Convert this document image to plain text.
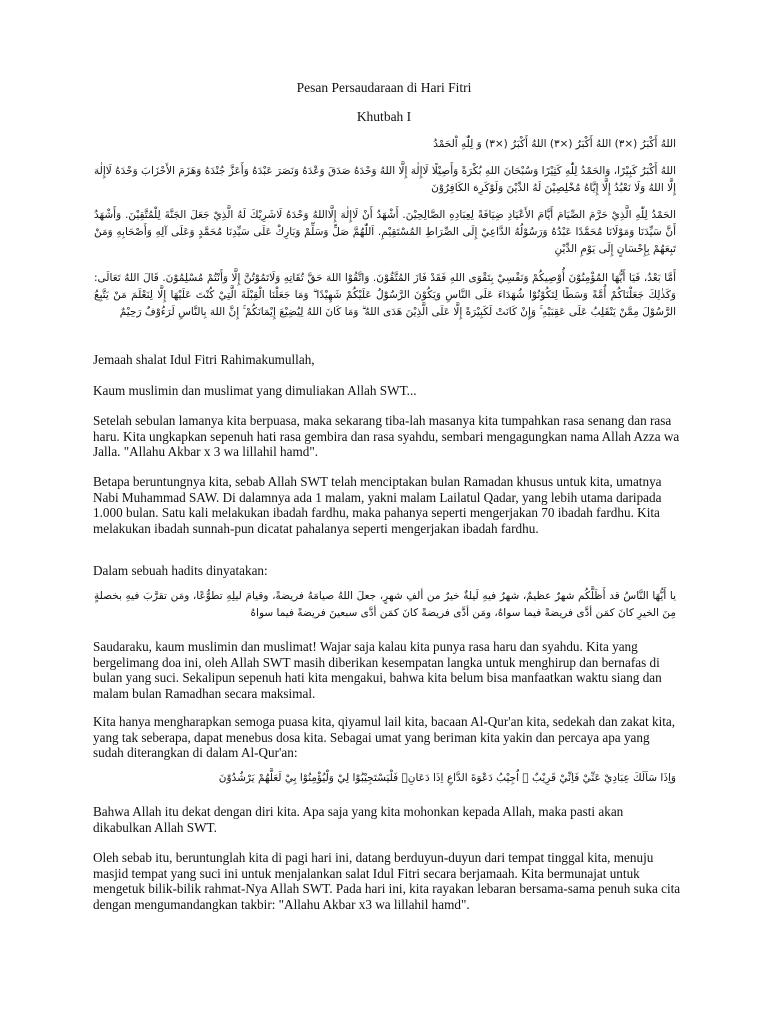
Pesan Persaudaraan di Hari Fitri
Khutbah I

اللهُ أَكْبَرُ (×٣) اللهُ أَكْبَرُ (×٣) اللهُ أَكْبَرُ (×٣) وَ لِلّٰهِ اْلحَمْدُ

اللهُ أَكْبَرُ كَبِيْرًا، وَالحَمْدُ لِلّٰهِ كَثِيْرًا وَسُبْحَانَ اللهِ بُكْرَةً وَأَصِيْلًا لَاإِلٰهَ إِلَّا اللهُ وَحْدَهُ صَدَقَ وَعْدَهُ وَنَصَرَ عَبْدَهُ وَأَعَزَّ جُنْدَهُ وَهَزَمَ الأَحْزَابَ وَحْدَهُ لَاإِلٰهَ إِلَّا اللهُ وَلَا نَعْبُدُ إِلَّا إِيَّاهُ مُخْلِصِيْنَ لَهُ الدِّيْنَ وَلَوْكَرِهَ الكَافِرُوْنَ

الحَمْدُ لِلّٰهِ الَّذِيْ حَرَّمَ الصِّيَامَ أَيَّامَ الأَعْيَادِ ضِيَافَةً لِعِبَادِهِ الصَّالِحِيْنَ. أَشْهَدُ أَنْ لَاإِلٰهَ إِلَّااللهُ وَحْدَهُ لَاشَرِيْكَ لَهُ الَّذِيْ جَعَلَ الجَنَّةَ لِلْمُتَّقِيْنَ. وَأَشْهَدُ أَنَّ سَيِّدَنَا وَمَوْلَانَا مُحَمَّدًا عَبْدُهُ وَرَسُوْلُهُ الدَّاعِيْ إِلَى الصِّرَاطِ المُسْتَقِيْمِ. اَللّٰهُمَّ صَلِّ وَسَلِّمْ وَبَارِكْ عَلَى سَيِّدِنَا مُحَمَّدٍ وَعَلَى آلِهِ وَأَصْحَابِهِ وَمَنْ تَبِعَهُمْ بِإِحْسَانٍ إِلَى يَوْمِ الدِّيْنِ

أَمَّا بَعْدُ، فَيَا أَيُّهَا المُؤْمِنُوْنَ أُوْصِيكُمْ وَنَفْسِيْ بِتَقْوَى اللهِ فَقَدْ فَازَ المُتَّقُوْنَ. وَاتَّقُوْا اللهَ حَقَّ تُقَاتِهِ وَلَاتَمُوْتُنَّ إِلَّا وَأَنْتُمْ مُسْلِمُوْنَ. قَالَ اللهُ تَعَالَى: وَكَذٰلِكَ جَعَلْنَاكُمْ أُمَّةً وَسَطًا لِتَكُوْنُوْا شُهَدَاءَ عَلَى النَّاسِ وَيَكُوْنَ الرَّسُوْلُ عَلَيْكُمْ شَهِيْدًا ۗ وَمَا جَعَلْنَا الْقِبْلَةَ الَّتِيْ كُنْتَ عَلَيْهَا إِلَّا لِنَعْلَمَ مَنْ يَتَّبِعُ الرَّسُوْلَ مِمَّنْ يَنْقَلِبُ عَلَى عَقِبَيْهِ ۚ وَإِنْ كَانَتْ لَكَبِيْرَةً إِلَّا عَلَى الَّذِيْنَ هَدَى اللهُ ۗ وَمَا كَانَ اللهُ لِيُضِيْعَ إِيْمَانَكُمْ ۚ إِنَّ اللهَ بِالنَّاسِ لَرَءُوْفٌ رَحِيْمٌ

Jemaah shalat Idul Fitri Rahimakumullah,

Kaum muslimin dan muslimat yang dimuliakan Allah SWT...

Setelah sebulan lamanya kita berpuasa, maka sekarang tiba-lah masanya kita tumpahkan rasa senang dan rasa haru. Kita ungkapkan sepenuh hati rasa gembira dan rasa syahdu, sembari mengagungkan nama Allah Azza wa Jalla. "Allahu Akbar x 3 wa lillahil hamd".

Betapa beruntungnya kita, sebab Allah SWT telah menciptakan bulan Ramadan khusus untuk kita, umatnya Nabi Muhammad SAW. Di dalamnya ada 1 malam, yakni malam Lailatul Qadar, yang lebih utama daripada 1.000 bulan. Satu kali melakukan ibadah fardhu, maka pahanya seperti mengerjakan 70 ibadah fardhu. Kita melakukan ibadah sunnah-pun dicatat pahalanya seperti mengerjakan ibadah fardhu.

Dalam sebuah hadits dinyatakan:

يا أَيُّهَا النَّاسُ قد أَظَلَّكُم شهرٌ عظيمٌ، شهرٌ فيهِ لَيلةٌ خيرٌ من ألفِ شهرٍ، جعلَ اللهُ صيامَهُ فريضةً، وقيامَ ليلِهِ تطوُّعًا، ومَن تقرَّبَ فيهِ بخصلةٍ مِنَ الخيرِ كانَ كمَن أدَّى فريضةً فيما سواهُ، ومَن أدَّى فريضةً كانَ كمَن أدَّى سبعينَ فريضةً فيما سواهُ

Saudaraku, kaum muslimin dan muslimat! Wajar saja kalau kita punya rasa haru dan syahdu. Kita yang bergelimang doa ini, oleh Allah SWT masih diberikan kesempatan langka untuk menghirup dan bernafas di bulan yang suci. Sekalipun sepenuh hati kita mengakui, bahwa kita belum bisa manfaatkan waktu siang dan malam bulan Ramadhan secara maksimal.

Kita hanya mengharapkan semoga puasa kita, qiyamul lail kita, bacaan Al-Qur'an kita, sedekah dan zakat kita, yang tak seberapa, dapat menebus dosa kita. Sebagai umat yang beriman kita yakin dan percaya apa yang sudah diterangkan di dalam Al-Qur'an:

وَاِذَا سَاَلَكَ عِبَادِيْ عَنِّيْ فَاِنِّيْ قَرِيْبٌ ۗ اُجِيْبُ دَعْوَةَ الدَّاعِ اِذَا دَعَانِۙ فَلْيَسْتَجِيْبُوْا لِيْ وَلْيُؤْمِنُوْا بِيْ لَعَلَّهُمْ يَرْشُدُوْنَ

Bahwa Allah itu dekat dengan diri kita. Apa saja yang kita mohonkan kepada Allah, maka pasti akan dikabulkan Allah SWT.

Oleh sebab itu, beruntunglah kita di pagi hari ini, datang berduyun-duyun dari tempat tinggal kita, menuju masjid tempat yang suci ini untuk menjalankan salat Idul Fitri secara berjamaah. Kita bermunajat untuk mengetuk bilik-bilik rahmat-Nya Allah SWT. Pada hari ini, kita rayakan lebaran bersama-sama penuh suka cita dengan mengumandangkan takbir: "Allahu Akbar x3 wa lillahil hamd".
